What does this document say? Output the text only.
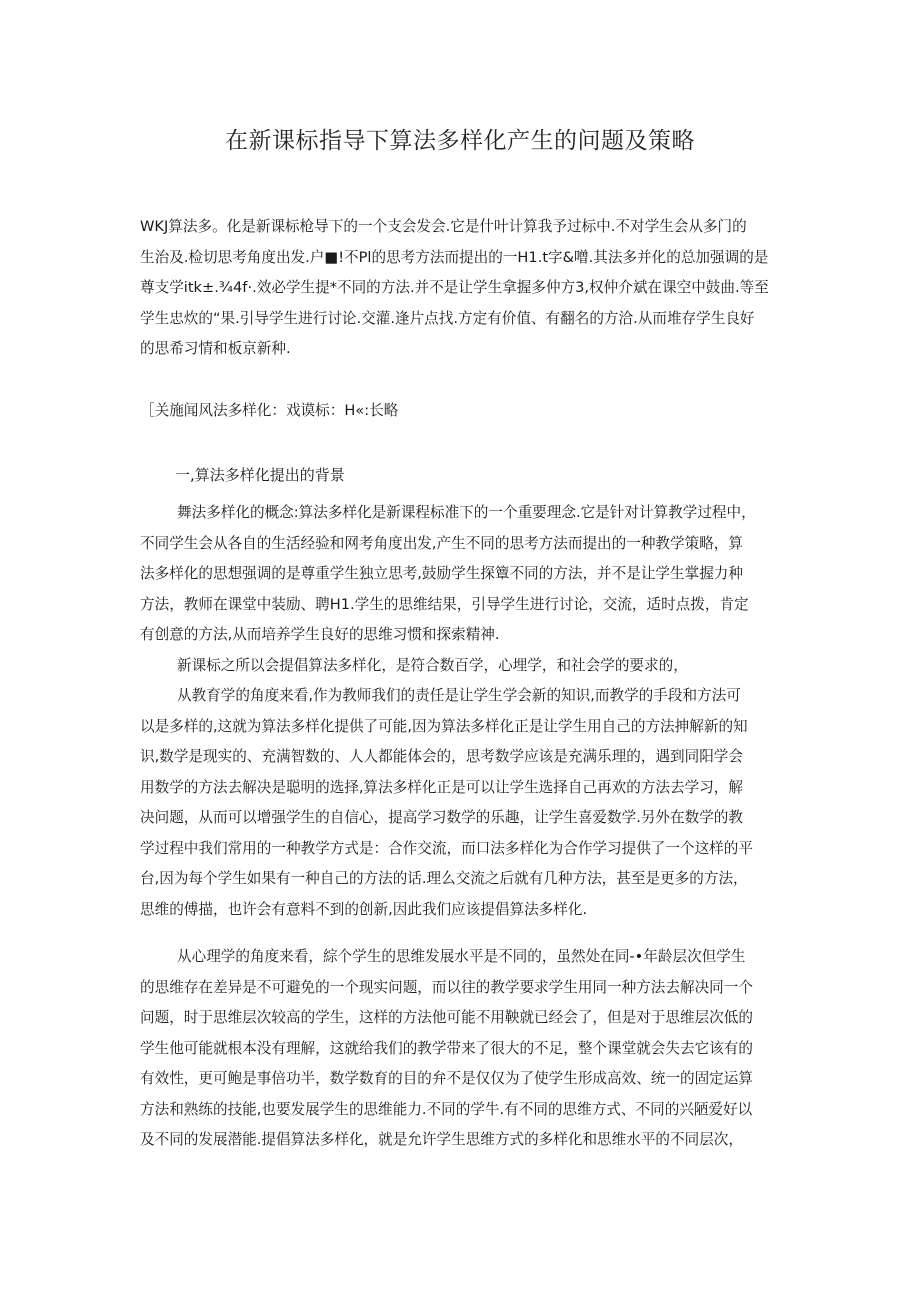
在新课标指导下算法多样化产生的问题及策略
WKJ算法多。化是新课标枪导下的一个支会发会.它是什叶计算我予过标中.不对学生会从多门的
生治及.检切思考角度出发.户■!不Pl的思考方法而提出的一H1.t字&噌.其法多并化的总加强调的是
尊支学itk±.¾4f·.效必学生提*不同的方法.并不是让学生拿握多仲方3,权仲介斌在课空中鼓曲.等至
学生忠炊的“果.引导学生进行讨论.交灌.逢片点找.方定有价值、有翻名的方洽.从而堆存学生良好
的思希习情和板京新种.
［关施闻风法多样化：戏谟标：H«:长略
一,算法多样化提出的背景
舞法多样化的概念:算法多样化是新课程标准下的一个重要理念.它是针对计算教学过程中，
不同学生会从各自的生活经验和网考角度出发,产生不同的思考方法而提出的一种教学策略，算
法多样化的思想强调的是尊重学生独立思考,鼓励学生探簟不同的方法，并不是让学生掌握力种
方法，教师在课堂中装励、聘H1.学生的思维结果，引导学生进行讨论，交流，适时点拨，肯定
有创意的方法,从而培养学生良好的思维习惯和探索精神.
新课标之所以会提倡算法多样化，是符合数百学，心埋学，和社会学的要求的，
从教育学的角度来看,作为教师我们的责任是让学生学会新的知识,而教学的手段和方法可
以是多样的,这就为算法多样化提供了可能,因为算法多样化正是让学生用自己的方法抻解新的知
识,数学是现实的、充满智数的、人人都能体会的，思考数学应该是充满乐理的，遇到同阳学会
用数学的方法去解决是聪明的选择,算法多样化正是可以让学生选择自己再欢的方法去学习，解
决问题，从而可以增强学生的自信心，提高学习数学的乐趣，让学生喜爱数学.另外在数学的教
学过程中我们常用的一种教学方式是：合作交流，而口法多样化为合作学习提供了一个这样的平
台,因为每个学生如果有一种自己的方法的话.理么交流之后就有几种方法，甚至是更多的方法，
思维的傅描，也许会有意料不到的创新,因此我们应该提倡算法多样化.
从心理学的角度来看，綜个学生的思维发展水平是不同的，虽然处在同-•年龄层次但学生
的思维存在差异是不可避免的一个现实问题，而以往的教学要求学生用同一种方法去解决同一个
问题，时于思维层次较高的学生，这样的方法他可能不用鞅就已经会了，但是对于思维层次低的
学生他可能就根本没有理解，这就给我们的教学带来了很大的不足，整个课堂就会失去它该有的
有效性，更可鲍是事倍功半，数学数育的目的弁不是仅仅为了使学生形成高效、统一的固定运算
方法和熟练的技能,也要发展学生的思维能力.不同的学牛.有不同的思维方式、不同的兴陋爱好以
及不同的发展潜能.提倡算法多样化，就是允许学生思维方式的多样化和思维水平的不同层次，
